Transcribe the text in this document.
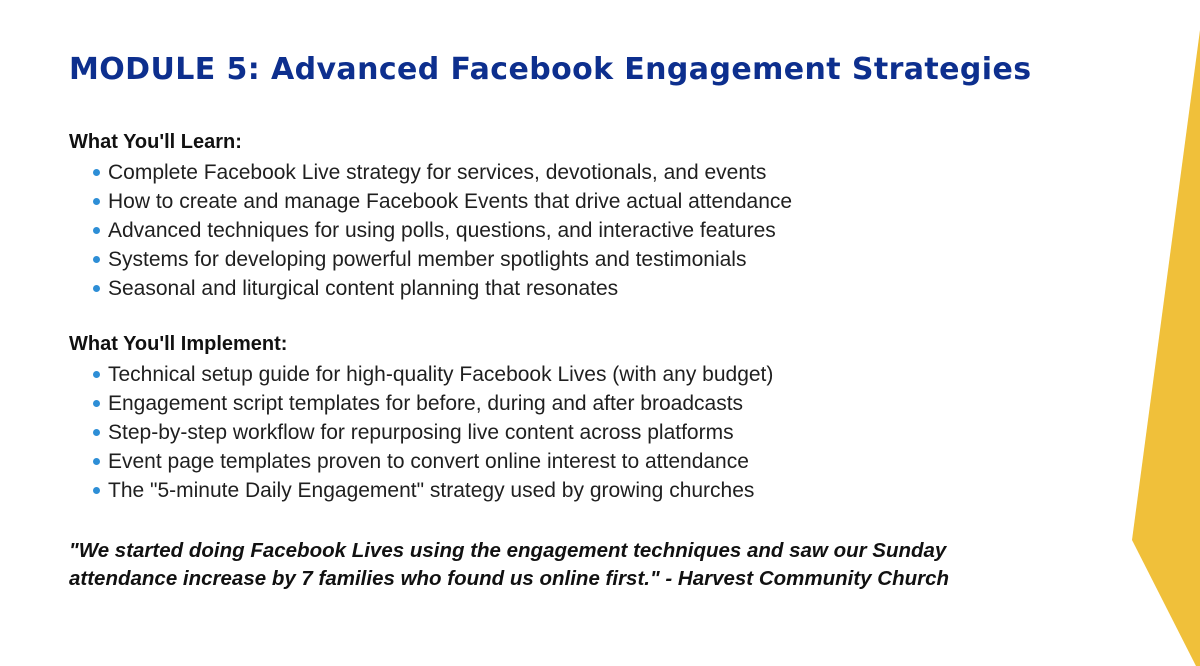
MODULE 5: Advanced Facebook Engagement Strategies
What You'll Learn:
Complete Facebook Live strategy for services, devotionals, and events
How to create and manage Facebook Events that drive actual attendance
Advanced techniques for using polls, questions, and interactive features
Systems for developing powerful member spotlights and testimonials
Seasonal and liturgical content planning that resonates
What You'll Implement:
Technical setup guide for high-quality Facebook Lives (with any budget)
Engagement script templates for before, during and after broadcasts
Step-by-step workflow for repurposing live content across platforms
Event page templates proven to convert online interest to attendance
The "5-minute Daily Engagement" strategy used by growing churches

"We started doing Facebook Lives using the engagement techniques and saw our Sunday attendance increase by 7 families who found us online first." - Harvest Community Church
